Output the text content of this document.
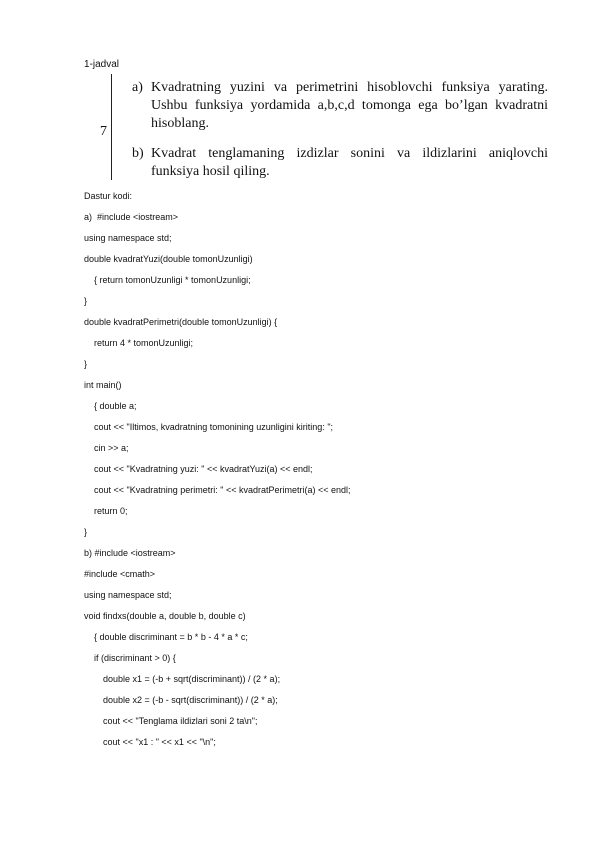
1-jadval
7
a) Kvadratning yuzini va perimetrini hisoblovchi funksiya yarating.
Ushbu funksiya yordamida a,b,c,d tomonga ega bo’lgan kvadratni
hisoblang.
b) Kvadrat tenglamaning izdizlar sonini va ildizlarini aniqlovchi
funksiya hosil qiling.
Dastur kodi:
a)  #include <iostream>
using namespace std;
double kvadratYuzi(double tomonUzunligi)
{ return tomonUzunligi * tomonUzunligi;
}
double kvadratPerimetri(double tomonUzunligi) {
return 4 * tomonUzunligi;
}
int main()
{ double a;
cout << "Iltimos, kvadratning tomonining uzunligini kiriting: ";
cin >> a;
cout << "Kvadratning yuzi: " << kvadratYuzi(a) << endl;
cout << "Kvadratning perimetri: " << kvadratPerimetri(a) << endl;
return 0;
}
b) #include <iostream>
#include <cmath>
using namespace std;
void findxs(double a, double b, double c)
{ double discriminant = b * b - 4 * a * c;
if (discriminant > 0) {
double x1 = (-b + sqrt(discriminant)) / (2 * a);
double x2 = (-b - sqrt(discriminant)) / (2 * a);
cout << "Tenglama ildizlari soni 2 ta\n";
cout << "x1 : " << x1 << "\n";
